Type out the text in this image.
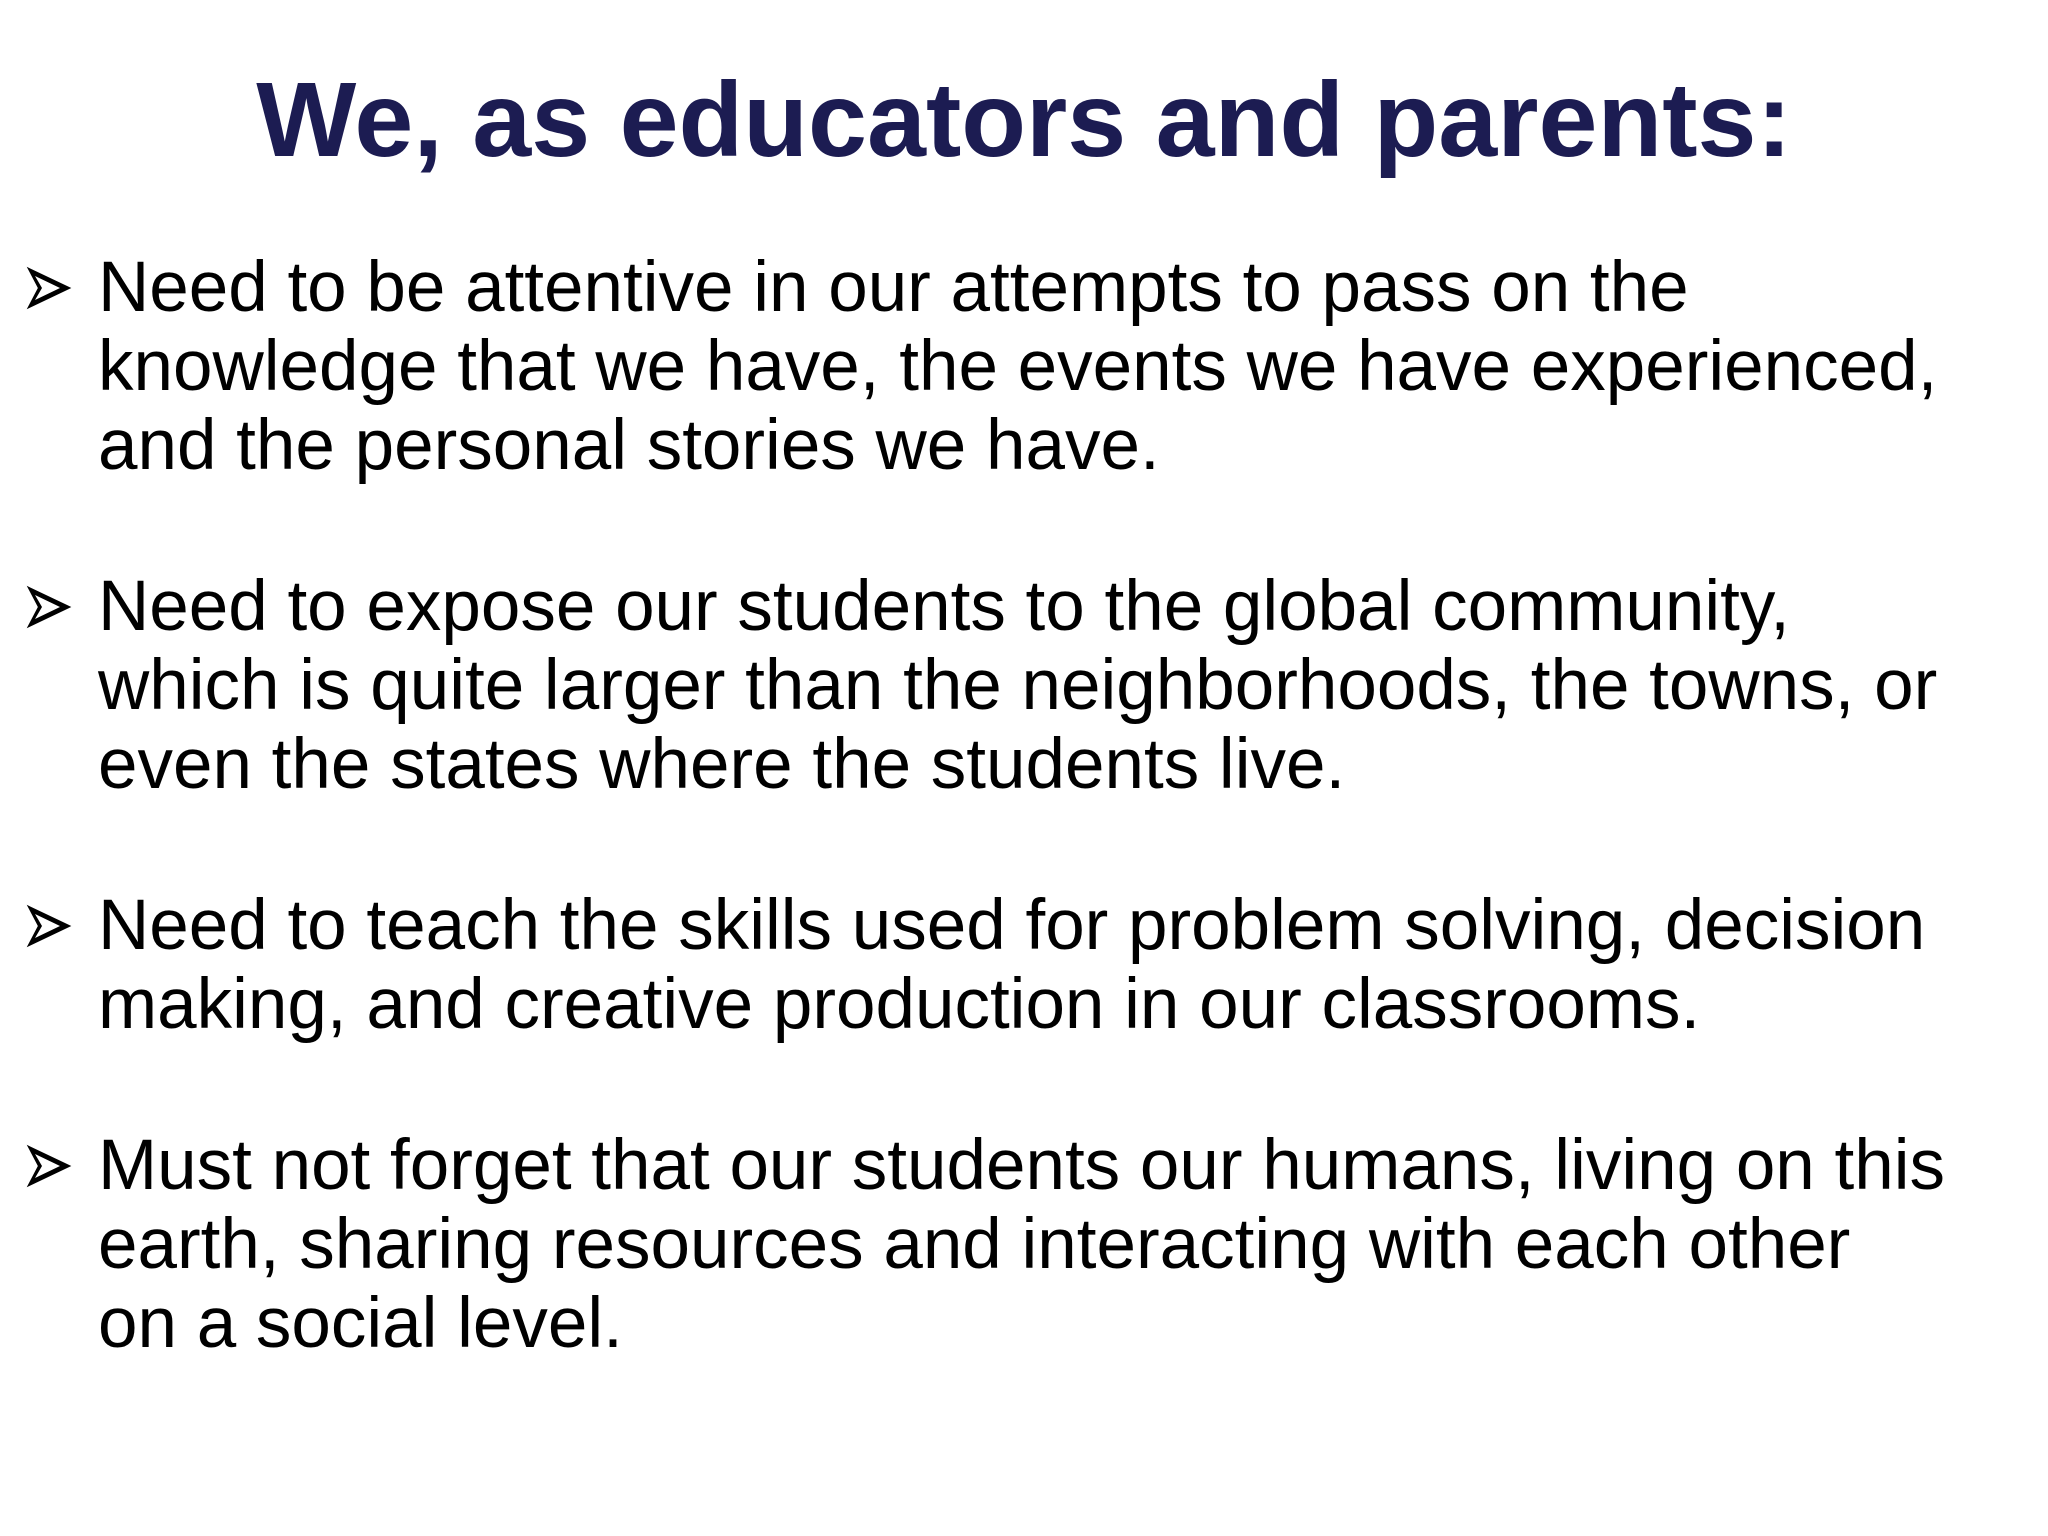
We, as educators and parents:
Need to be attentive in our attempts to pass on the
knowledge that we have, the events we have experienced,
and the personal stories we have.
Need to expose our students to the global community,
which is quite larger than the neighborhoods, the towns, or
even the states where the students live.
Need to teach the skills used for problem solving, decision
making, and creative production in our classrooms.
Must not forget that our students our humans, living on this
earth, sharing resources and interacting with each other
on a social level.
